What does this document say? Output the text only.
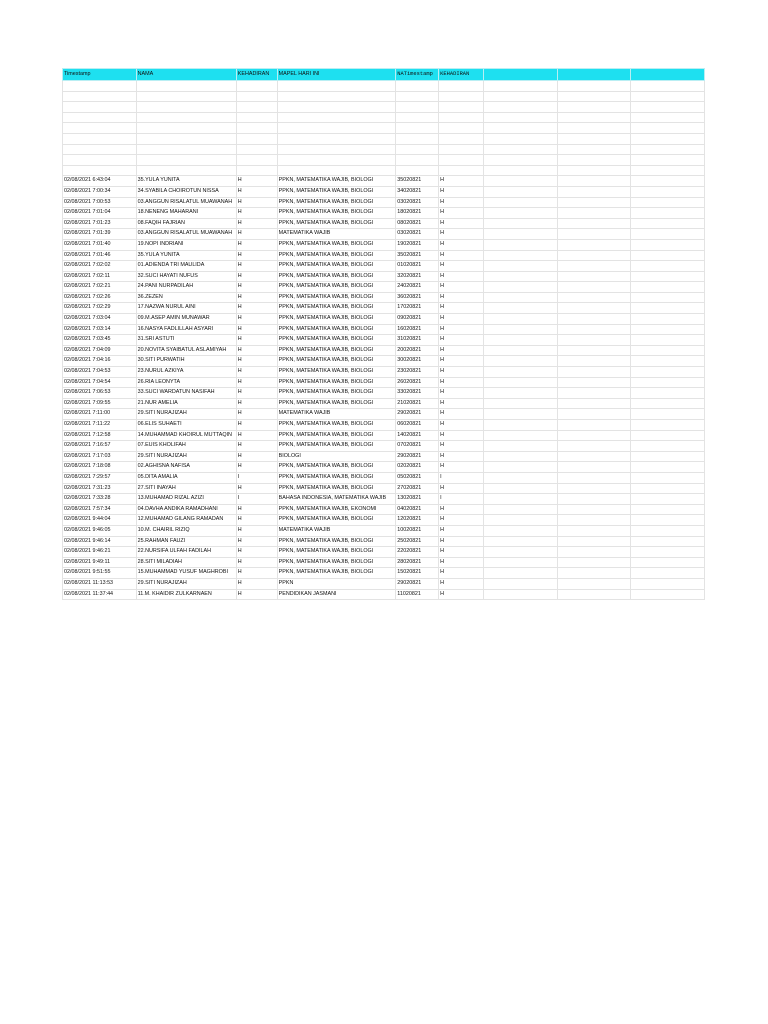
Timestamp	NAMA	KEHADIRAN	MAPEL HARI INI	NATimestamp	KEHADIRAN			

02/08/2021 6:43:04	35.YULA YUNITA	H	PPKN, MATEMATIKA WAJIB, BIOLOGI	35020821	H			
02/08/2021 7:00:34	34.SYABILA CHOIROTUN NISSA	H	PPKN, MATEMATIKA WAJIB, BIOLOGI	34020821	H			
02/08/2021 7:00:53	03.ANGGUN RISALATUL MUAWANAH	H	PPKN, MATEMATIKA WAJIB, BIOLOGI	03020821	H			
02/08/2021 7:01:04	18.NENENG MAHARANI	H	PPKN, MATEMATIKA WAJIB, BIOLOGI	18020821	H			
02/08/2021 7:01:23	08.FAQIH FAJRIAN	H	PPKN, MATEMATIKA WAJIB, BIOLOGI	08020821	H			
02/08/2021 7:01:39	03.ANGGUN RISALATUL MUAWANAH	H	MATEMATIKA WAJIB	03020821	H			
02/08/2021 7:01:40	19.NOPI INDRIANI	H	PPKN, MATEMATIKA WAJIB, BIOLOGI	19020821	H			
02/08/2021 7:01:46	35.YULA YUNITA	H	PPKN, MATEMATIKA WAJIB, BIOLOGI	35020821	H			
02/08/2021 7:02:02	01.ADIENDA TRI MAULIDA	H	PPKN, MATEMATIKA WAJIB, BIOLOGI	01020821	H			
02/08/2021 7:02:11	32.SUCI HAYATI NUFUS	H	PPKN, MATEMATIKA WAJIB, BIOLOGI	32020821	H			
02/08/2021 7:02:21	24.PANI NURPADILAH	H	PPKN, MATEMATIKA WAJIB, BIOLOGI	24020821	H			
02/08/2021 7:02:26	36.ZEZEN	H	PPKN, MATEMATIKA WAJIB, BIOLOGI	36020821	H			
02/08/2021 7:02:29	17.NAZWA NURUL AINI	H	PPKN, MATEMATIKA WAJIB, BIOLOGI	17020821	H			
02/08/2021 7:03:04	09.M.ASEP AMIN MUNAWAR	H	PPKN, MATEMATIKA WAJIB, BIOLOGI	09020821	H			
02/08/2021 7:03:14	16.NASYA FADLILLAH ASYARI	H	PPKN, MATEMATIKA WAJIB, BIOLOGI	16020821	H			
02/08/2021 7:03:45	31.SRI ASTUTI	H	PPKN, MATEMATIKA WAJIB, BIOLOGI	31020821	H			
02/08/2021 7:04:09	20.NOVITA SYAIBATUL ASLAMIYAH	H	PPKN, MATEMATIKA WAJIB, BIOLOGI	20020821	H			
02/08/2021 7:04:16	30.SITI PURWATIH	H	PPKN, MATEMATIKA WAJIB, BIOLOGI	30020821	H			
02/08/2021 7:04:53	23.NURUL AZKIYA	H	PPKN, MATEMATIKA WAJIB, BIOLOGI	23020821	H			
02/08/2021 7:04:54	26.RIA LEONYTA	H	PPKN, MATEMATIKA WAJIB, BIOLOGI	26020821	H			
02/08/2021 7:06:53	33.SUCI WARDATUN NASIFAH	H	PPKN, MATEMATIKA WAJIB, BIOLOGI	33020821	H			
02/08/2021 7:09:55	21.NUR AMELIA	H	PPKN, MATEMATIKA WAJIB, BIOLOGI	21020821	H			
02/08/2021 7:11:00	29.SITI NURAJIZAH	H	MATEMATIKA WAJIB	29020821	H			
02/08/2021 7:11:22	06.ELIS SUHAETI	H	PPKN, MATEMATIKA WAJIB, BIOLOGI	06020821	H			
02/08/2021 7:12:58	14.MUHAMMAD KHOIRUL MUTTAQIN	H	PPKN, MATEMATIKA WAJIB, BIOLOGI	14020821	H			
02/08/2021 7:16:57	07.EUIS KHOLIFAH	H	PPKN, MATEMATIKA WAJIB, BIOLOGI	07020821	H			
02/08/2021 7:17:03	29.SITI NURAJIZAH	H	BIOLOGI	29020821	H			
02/08/2021 7:18:08	02.AGHISNA NAFISA	H	PPKN, MATEMATIKA WAJIB, BIOLOGI	02020821	H			
02/08/2021 7:29:57	05.DITA AMALIA	I	PPKN, MATEMATIKA WAJIB, BIOLOGI	05020821	I			
02/08/2021 7:31:23	27.SITI INAYAH	H	PPKN, MATEMATIKA WAJIB, BIOLOGI	27020821	H			
02/08/2021 7:33:28	13.MUHAMAD RIZAL AZIZI	I	BAHASA INDONESIA, MATEMATIKA WAJIB	13020821	I			
02/08/2021 7:57:34	04.DAVHA ANDIKA RAMADHANI	H	PPKN, MATEMATIKA WAJIB, EKONOMI	04020821	H			
02/08/2021 9:44:04	12.MUHAMAD GILANG RAMADAN	H	PPKN, MATEMATIKA WAJIB, BIOLOGI	12020821	H			
02/08/2021 9:46:05	10.M. CHAIRIL RIZIQ	H	MATEMATIKA WAJIB	10020821	H			
02/08/2021 9:46:14	25.RAHMAN FAUZI	H	PPKN, MATEMATIKA WAJIB, BIOLOGI	25020821	H			
02/08/2021 9:46:21	22.NURSIFA ULFAH FADILAH	H	PPKN, MATEMATIKA WAJIB, BIOLOGI	22020821	H			
02/08/2021 9:49:11	28.SITI MILADIAH	H	PPKN, MATEMATIKA WAJIB, BIOLOGI	28020821	H			
02/08/2021 9:51:55	15.MUHAMMAD YUSUF MAGHROBI	H	PPKN, MATEMATIKA WAJIB, BIOLOGI	15020821	H			
02/08/2021 11:13:53	29.SITI NURAJIZAH	H	PPKN	29020821	H			
02/08/2021 11:37:44	11.M. KHAIDIR ZULKARNAEN	H	PENDIDIKAN JASMANI	11020821	H			
